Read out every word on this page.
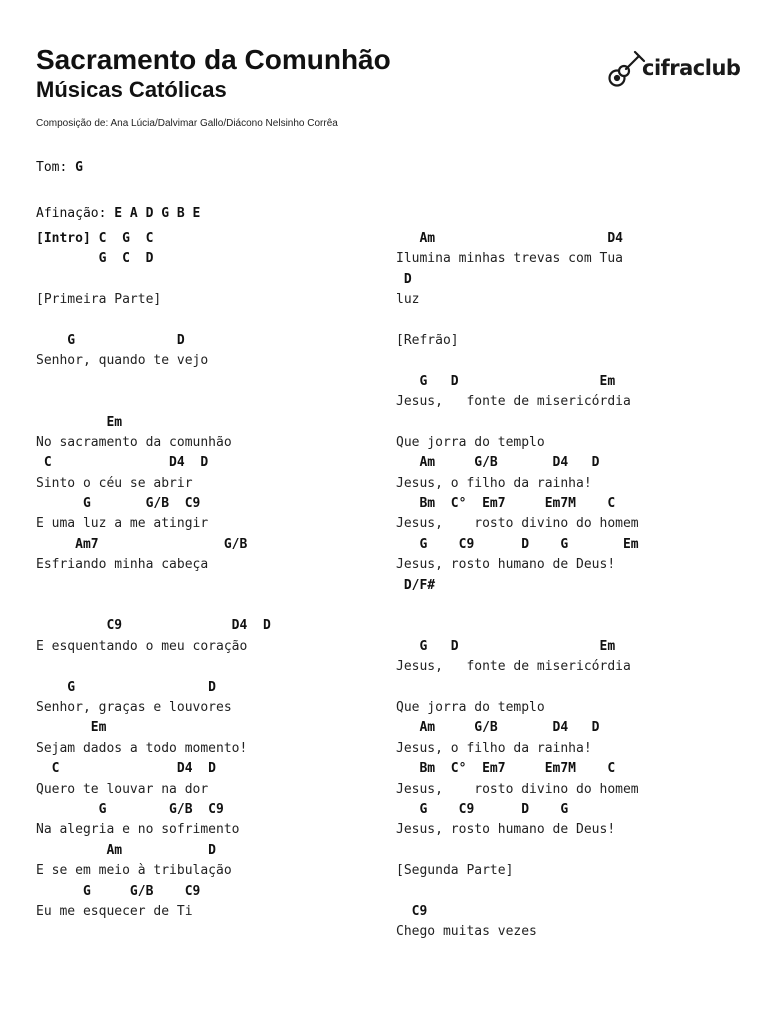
Sacramento da Comunhão
Músicas Católicas
Composição de: Ana Lúcia/Dalvimar Gallo/Diácono Nelsinho Corrêa
cifraclub
Tom: G
Afinação: E A D G B E
[Intro] C  G  C
G  C  D
[Primeira Parte]
G             D
Senhor, quando te vejo
Em
No sacramento da comunhão
C               D4  D
Sinto o céu se abrir
G       G/B  C9
E uma luz a me atingir
Am7                G/B
Esfriando minha cabeça
C9              D4  D
E esquentando o meu coração
G                 D
Senhor, graças e louvores
Em
Sejam dados a todo momento!
C               D4  D
Quero te louvar na dor
G        G/B  C9
Na alegria e no sofrimento
Am           D
E se em meio à tribulação
G     G/B    C9
Eu me esquecer de Ti
Am                      D4
Ilumina minhas trevas com Tua
D
luz
[Refrão]
G   D                  Em
Jesus,   fonte de misericórdia
Que jorra do templo
Am     G/B       D4   D
Jesus, o filho da rainha!
Bm  C°  Em7     Em7M    C
Jesus,    rosto divino do homem
G    C9      D    G       Em
Jesus, rosto humano de Deus!
D/F#
G   D                  Em
Jesus,   fonte de misericórdia
Que jorra do templo
Am     G/B       D4   D
Jesus, o filho da rainha!
Bm  C°  Em7     Em7M    C
Jesus,    rosto divino do homem
G    C9      D    G
Jesus, rosto humano de Deus!
[Segunda Parte]
C9
Chego muitas vezes
